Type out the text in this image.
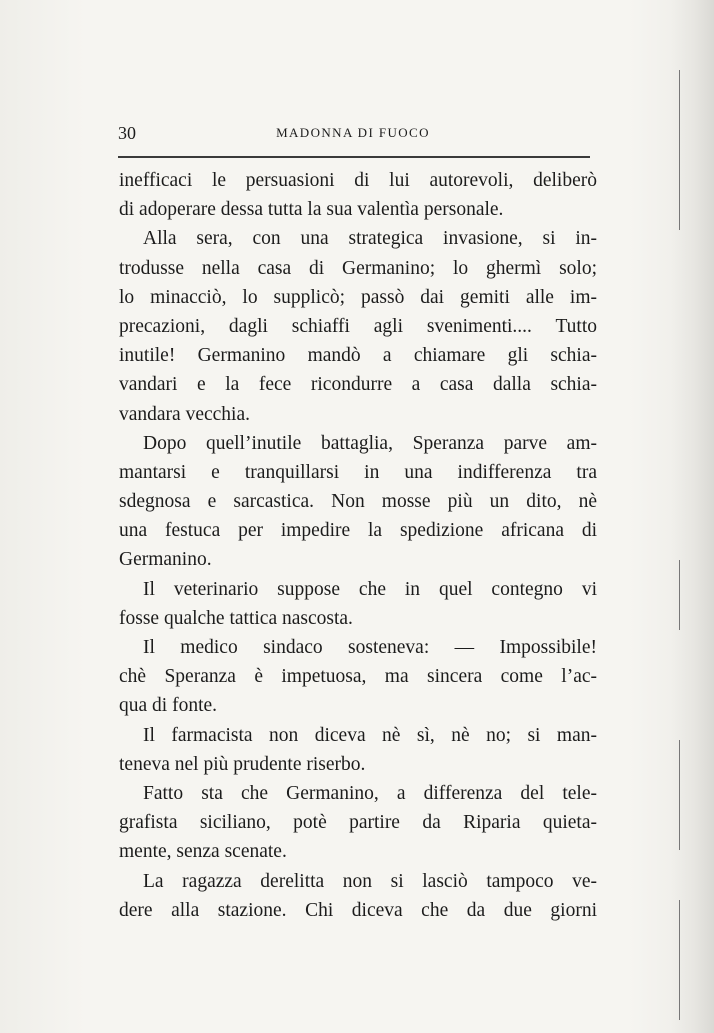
30	MADONNA DI FUOCO
inefficaci le persuasioni di lui autorevoli, deliberò
di adoperare dessa tutta la sua valentìa personale.
Alla sera, con una strategica invasione, si in-
trodusse nella casa di Germanino; lo ghermì solo;
lo minacciò, lo supplicò; passò dai gemiti alle im-
precazioni, dagli schiaffi agli svenimenti.... Tutto
inutile! Germanino mandò a chiamare gli schia-
vandari e la fece ricondurre a casa dalla schia-
vandara vecchia.
Dopo quell’inutile battaglia, Speranza parve am-
mantarsi e tranquillarsi in una indifferenza tra
sdegnosa e sarcastica. Non mosse più un dito, nè
una festuca per impedire la spedizione africana di
Germanino.
Il veterinario suppose che in quel contegno vi
fosse qualche tattica nascosta.
Il medico sindaco sosteneva: — Impossibile!
chè Speranza è impetuosa, ma sincera come l’ac-
qua di fonte.
Il farmacista non diceva nè sì, nè no; si man-
teneva nel più prudente riserbo.
Fatto sta che Germanino, a differenza del tele-
grafista siciliano, potè partire da Riparia quieta-
mente, senza scenate.
La ragazza derelitta non si lasciò tampoco ve-
dere alla stazione. Chi diceva che da due giorni
